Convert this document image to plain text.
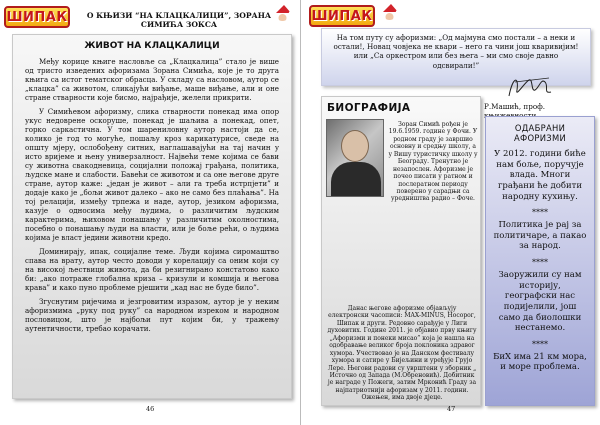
ШИПАК	О КЊИЗИ “НА КЛАЦКАЛИЦИ”, ЗОРАНА СИМИЋА ЗОКСА
ЖИВОТ НА КЛАЦКАЛИЦИ

Међу корице књиге насловље са „Клацкалица” стало је више од тристо изведених афоризама Зорана Симића, које је то друга књига са истог тематског обрасца. У складу са насловом, аутор се „клацка” са животом, сликајући виђање, маше виђање, али и оне стране стварности које бисмо, најрађије, желели прикрити.

У Симићевом афоризму, слика стварности понекад има опор укус недоврене оскоруше, понекад је шаљива а понекад, опет, горко саркастична. У том шарениловну аутор настоји да се, колико је год то могуће, пошаљу кроз карикатурисе, сведе на општу мјеру, ослобођену ситних, наглашавајући на тај начин у исто вријеме и њену универзалност. Највећи теме којима се бави су животна свакодневица, социјални положај грађана, политика, људске мане и слабости. Бавећи се животом и са оне његове друге стране, аутор каже: „један је живот – али га треба истрпјети” и додаје како је „бољи живот далеко – ако не само без плаћања”. На тој релацији, између трпежа и наде, аутор, језиком афоризма, казује о односима међу људима, о различитим људским карактерима, њиховом понашању у различитим околностима, посебно о понашању људи на власти, или је боље рећи, о људима којима је власт једини животни кредо.

Доминирају, ипак, социјалне теме. Људи којима сиромаштво спава на врату, аутор често доводи у корелацију са оним који су на високој љествици живота, да би резигнирано констатово како би: „ако потраже глобална криза – кризули и комшија и његова крава” и како пуно проблеме рјешити „кад нас не буде било”.

Згуснутим ријечима и језгровитим изразом, аутор је у неким афоризмима „руку под руку” са народном изреком и народном пословицом, што је најбољи пут којим би, у тражењу аутентичности, требао корачати.

46
ШИПАК

На том путу су афоризми: „Од мајмуна смо постали – а неки и остали!, Новац човјека не квари – него га чини још кваривијим! или „Са оркестром или без њега – ми смо своје давно одсвирали!”

БИОГРАФИЈА
Зоран Симић рођен је 19.6.1959. године у Фочи. У родном граду је завршио основну и средњу школу, а у Вишу туристичку школу у Београду. Тренутно је незапослен. Афоризме је почео писати у ратном и послератном периоду поверено у сарадњи са уредништва радио – Фоче.
Данас његове афоризме објављују електронски часописи: MAX-MINUS, Носорог, Шипак и други. Редовно сарађује у Лиги духовитих. Године 2011. је објавио прву књигу „Афоризми и понеки мисао” која је нашла на одобравање великог броја поклоника здравог хумора. Учествовао је на Данском фестивалу хумора и сатире у Бијељини и уређује Грујо Лере. Његови радови су уврштени у зборник „ Источно од Запада (М.Обреновић). Добитник је награде у Пожеги, затим Мрконић Граду за најпатриотнији афоризам у 2011. години. Ожењен, има двоје дјеце.
Р.Машић, проф.
ОДАБРАНИ АФОРИЗМИ

У 2012. години биће нам боље, поручује влада. Многи грађани ће добити народну кухињу.

****

Политика је рај за политичаре, а пакао за народ.

****

Заоружили су нам историју, географски нас подијелили, још само да биолошки нестанемо.

****

БиХ има 21 км мора, и море проблема.

47
